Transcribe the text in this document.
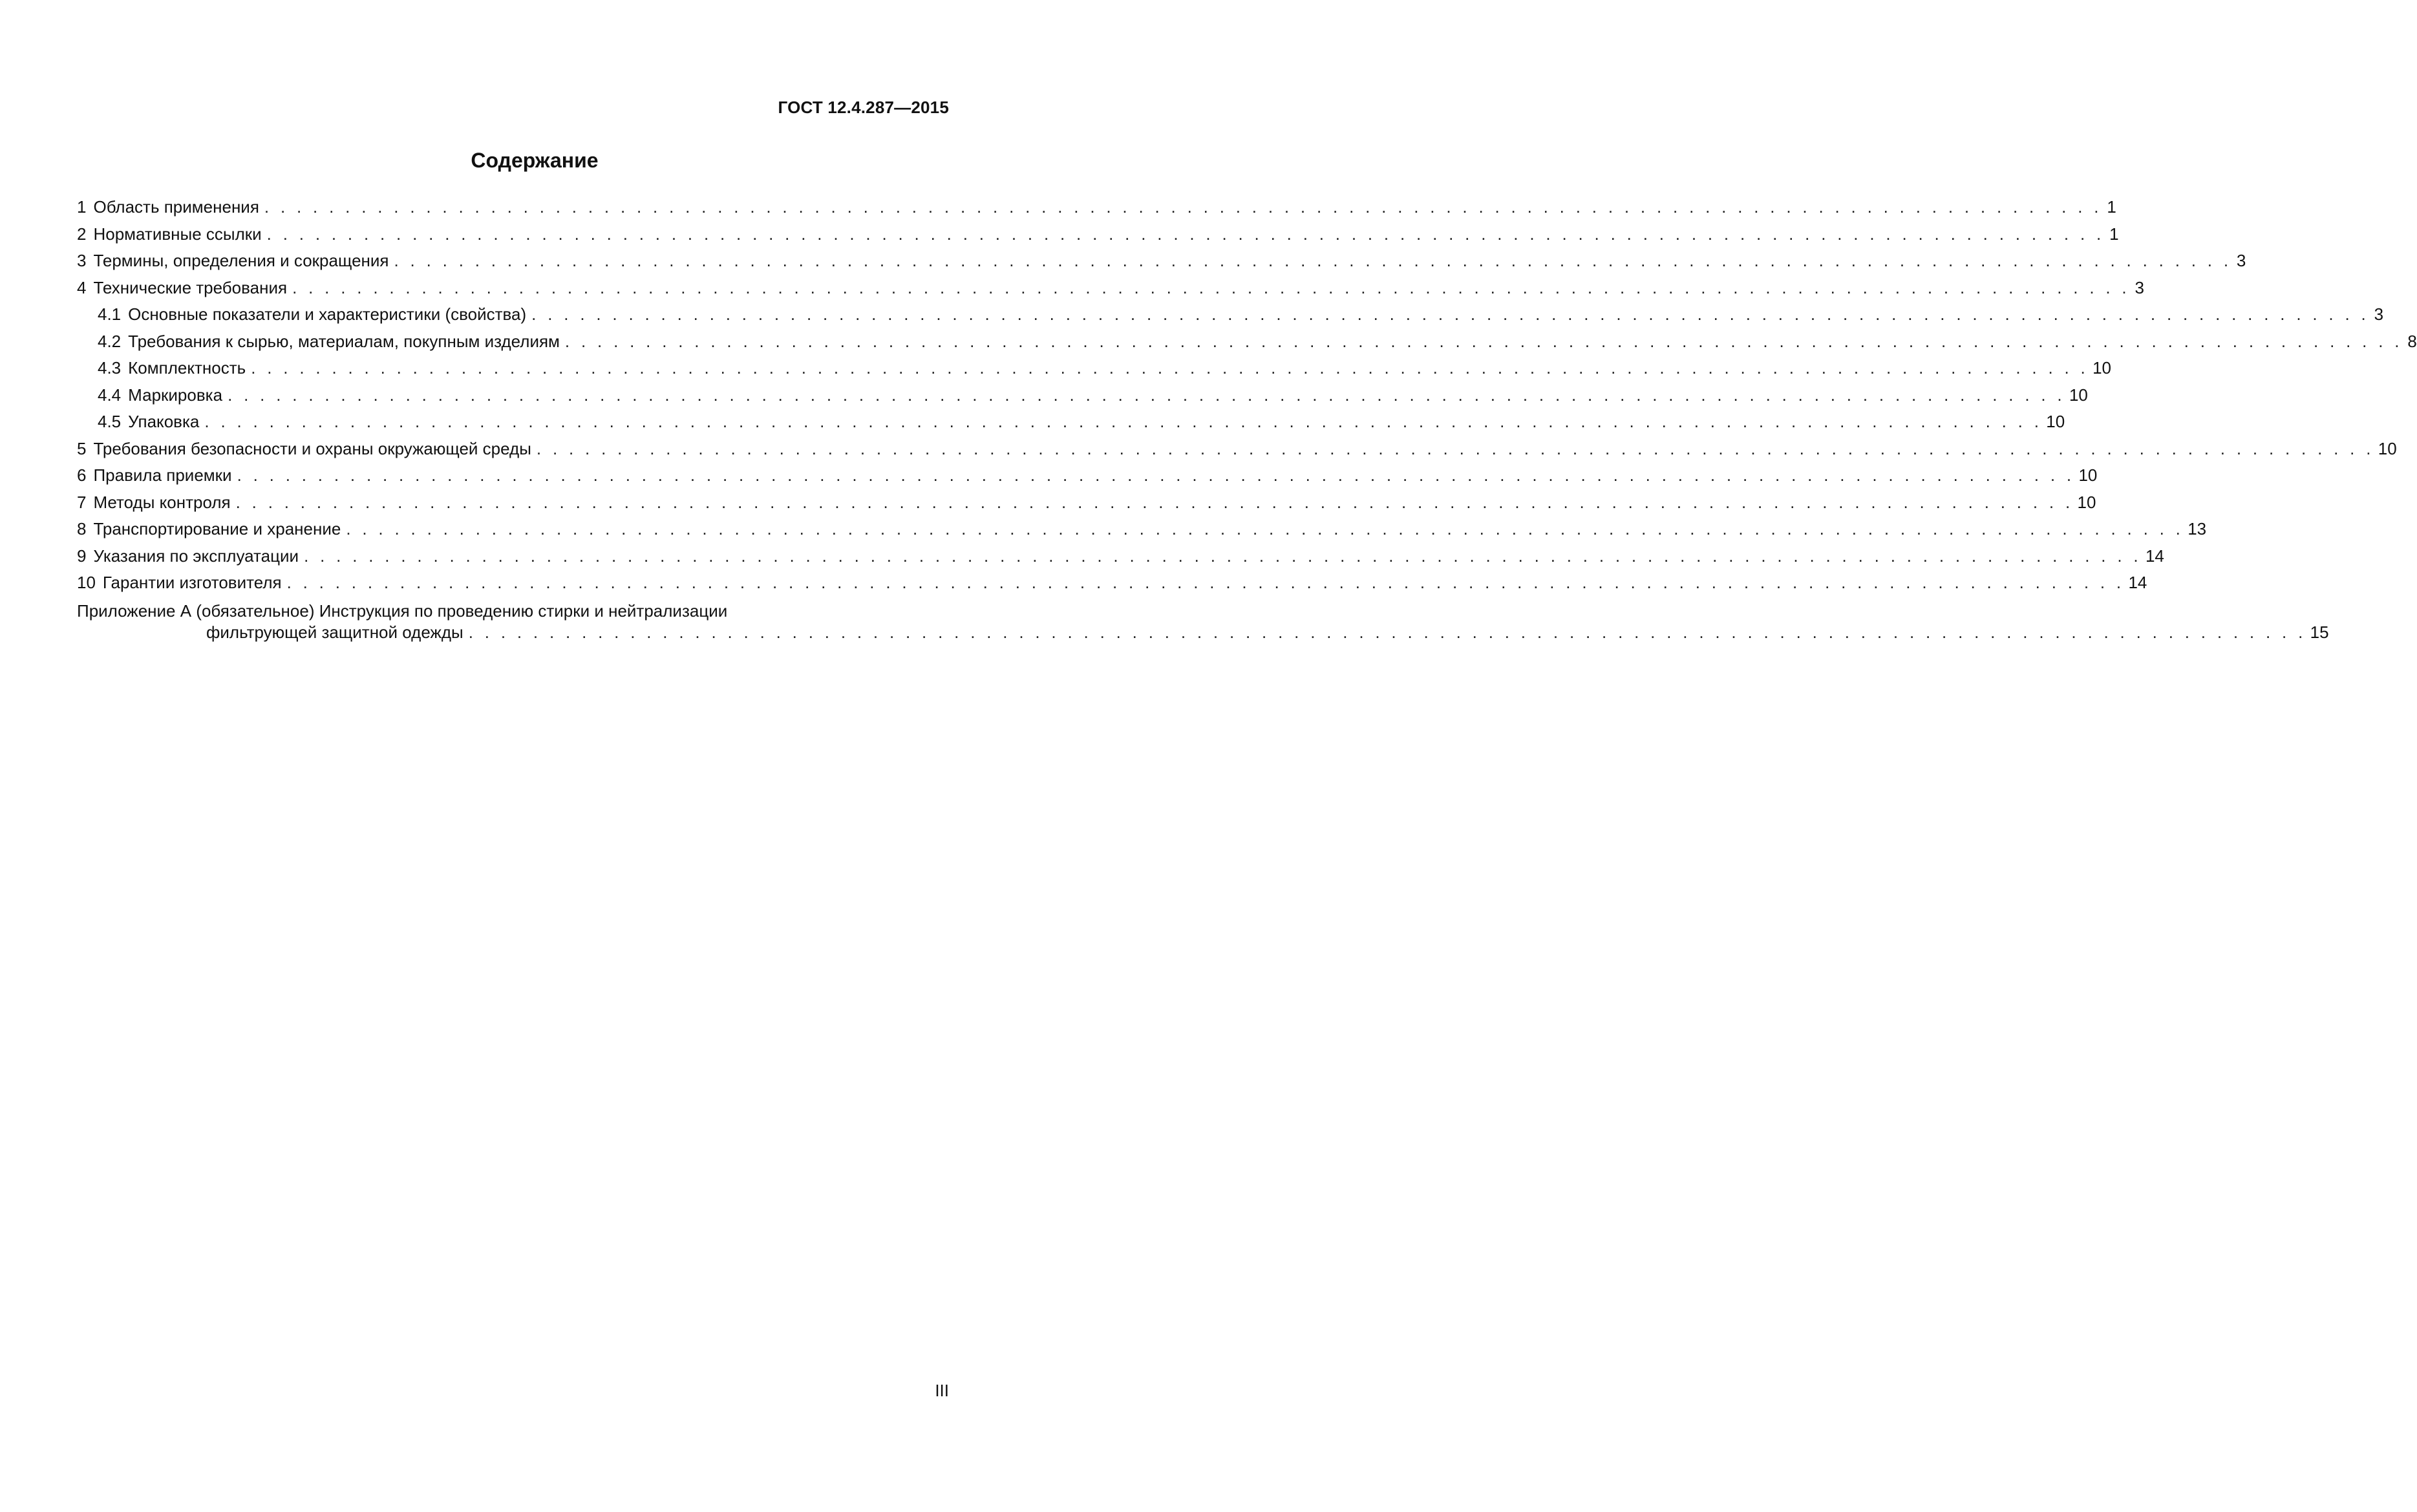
ГОСТ 12.4.287—2015
Содержание
1 Область применения . . . . . . . . . . . . . . . . . . . . . . . . . . . . . . . . . . . . . . . . . . . . . . . . . . . . . . . . . . . . . . . . . . . . . . . . . . . . . . . . . . . . . . . . . . . . . . . . . . . . . . . . . . . . . . . . . . 1
2 Нормативные ссылки . . . . . . . . . . . . . . . . . . . . . . . . . . . . . . . . . . . . . . . . . . . . . . . . . . . . . . . . . . . . . . . . . . . . . . . . . . . . . . . . . . . . . . . . . . . . . . . . . . . . . . . . . . . . . . . . . . 1
3 Термины, определения и сокращения . . . . . . . . . . . . . . . . . . . . . . . . . . . . . . . . . . . . . . . . . . . . . . . . . . . . . . . . . . . . . . . . . . . . . . . . . . . . . . . . . . . . . . . . . . . . . . . . . . . . . . . . . . . . . . . . . . 3
4 Технические требования . . . . . . . . . . . . . . . . . . . . . . . . . . . . . . . . . . . . . . . . . . . . . . . . . . . . . . . . . . . . . . . . . . . . . . . . . . . . . . . . . . . . . . . . . . . . . . . . . . . . . . . . . . . . . . . . . . 3
4.1 Основные показатели и характеристики (свойства) . . . . . . . . . . . . . . . . . . . . . . . . . . . . . . . . . . . . . . . . . . . . . . . . . . . . . . . . . . . . . . . . . . . . . . . . . . . . . . . . . . . . . . . . . . . . . . . . . . . . . . . . . . . . . . . . . . 3
4.2 Требования к сырью, материалам, покупным изделиям . . . . . . . . . . . . . . . . . . . . . . . . . . . . . . . . . . . . . . . . . . . . . . . . . . . . . . . . . . . . . . . . . . . . . . . . . . . . . . . . . . . . . . . . . . . . . . . . . . . . . . . . . . . . . . . . . . 8
4.3 Комплектность . . . . . . . . . . . . . . . . . . . . . . . . . . . . . . . . . . . . . . . . . . . . . . . . . . . . . . . . . . . . . . . . . . . . . . . . . . . . . . . . . . . . . . . . . . . . . . . . . . . . . . . . . . . . . . . . . . 10
4.4 Маркировка . . . . . . . . . . . . . . . . . . . . . . . . . . . . . . . . . . . . . . . . . . . . . . . . . . . . . . . . . . . . . . . . . . . . . . . . . . . . . . . . . . . . . . . . . . . . . . . . . . . . . . . . . . . . . . . . . . 10
4.5 Упаковка . . . . . . . . . . . . . . . . . . . . . . . . . . . . . . . . . . . . . . . . . . . . . . . . . . . . . . . . . . . . . . . . . . . . . . . . . . . . . . . . . . . . . . . . . . . . . . . . . . . . . . . . . . . . . . . . . . 10
5 Требования безопасности и охраны окружающей среды . . . . . . . . . . . . . . . . . . . . . . . . . . . . . . . . . . . . . . . . . . . . . . . . . . . . . . . . . . . . . . . . . . . . . . . . . . . . . . . . . . . . . . . . . . . . . . . . . . . . . . . . . . . . . . . . . . 10
6 Правила приемки . . . . . . . . . . . . . . . . . . . . . . . . . . . . . . . . . . . . . . . . . . . . . . . . . . . . . . . . . . . . . . . . . . . . . . . . . . . . . . . . . . . . . . . . . . . . . . . . . . . . . . . . . . . . . . . . . . 10
7 Методы контроля . . . . . . . . . . . . . . . . . . . . . . . . . . . . . . . . . . . . . . . . . . . . . . . . . . . . . . . . . . . . . . . . . . . . . . . . . . . . . . . . . . . . . . . . . . . . . . . . . . . . . . . . . . . . . . . . . . 10
8 Транспортирование и хранение . . . . . . . . . . . . . . . . . . . . . . . . . . . . . . . . . . . . . . . . . . . . . . . . . . . . . . . . . . . . . . . . . . . . . . . . . . . . . . . . . . . . . . . . . . . . . . . . . . . . . . . . . . . . . . . . . . 13
9 Указания по эксплуатации . . . . . . . . . . . . . . . . . . . . . . . . . . . . . . . . . . . . . . . . . . . . . . . . . . . . . . . . . . . . . . . . . . . . . . . . . . . . . . . . . . . . . . . . . . . . . . . . . . . . . . . . . . . . . . . . . . 14
10 Гарантии изготовителя . . . . . . . . . . . . . . . . . . . . . . . . . . . . . . . . . . . . . . . . . . . . . . . . . . . . . . . . . . . . . . . . . . . . . . . . . . . . . . . . . . . . . . . . . . . . . . . . . . . . . . . . . . . . . . . . . . 14
Приложение А (обязательное) Инструкция по проведению стирки и нейтрализации
фильтрующей защитной одежды . . . . . . . . . . . . . . . . . . . . . . . . . . . . . . . . . . . . . . . . . . . . . . . . . . . . . . . . . . . . . . . . . . . . . . . . . . . . . . . . . . . . . . . . . . . . . . . . . . . . . . . . . . . . . . . . . . 15
III
